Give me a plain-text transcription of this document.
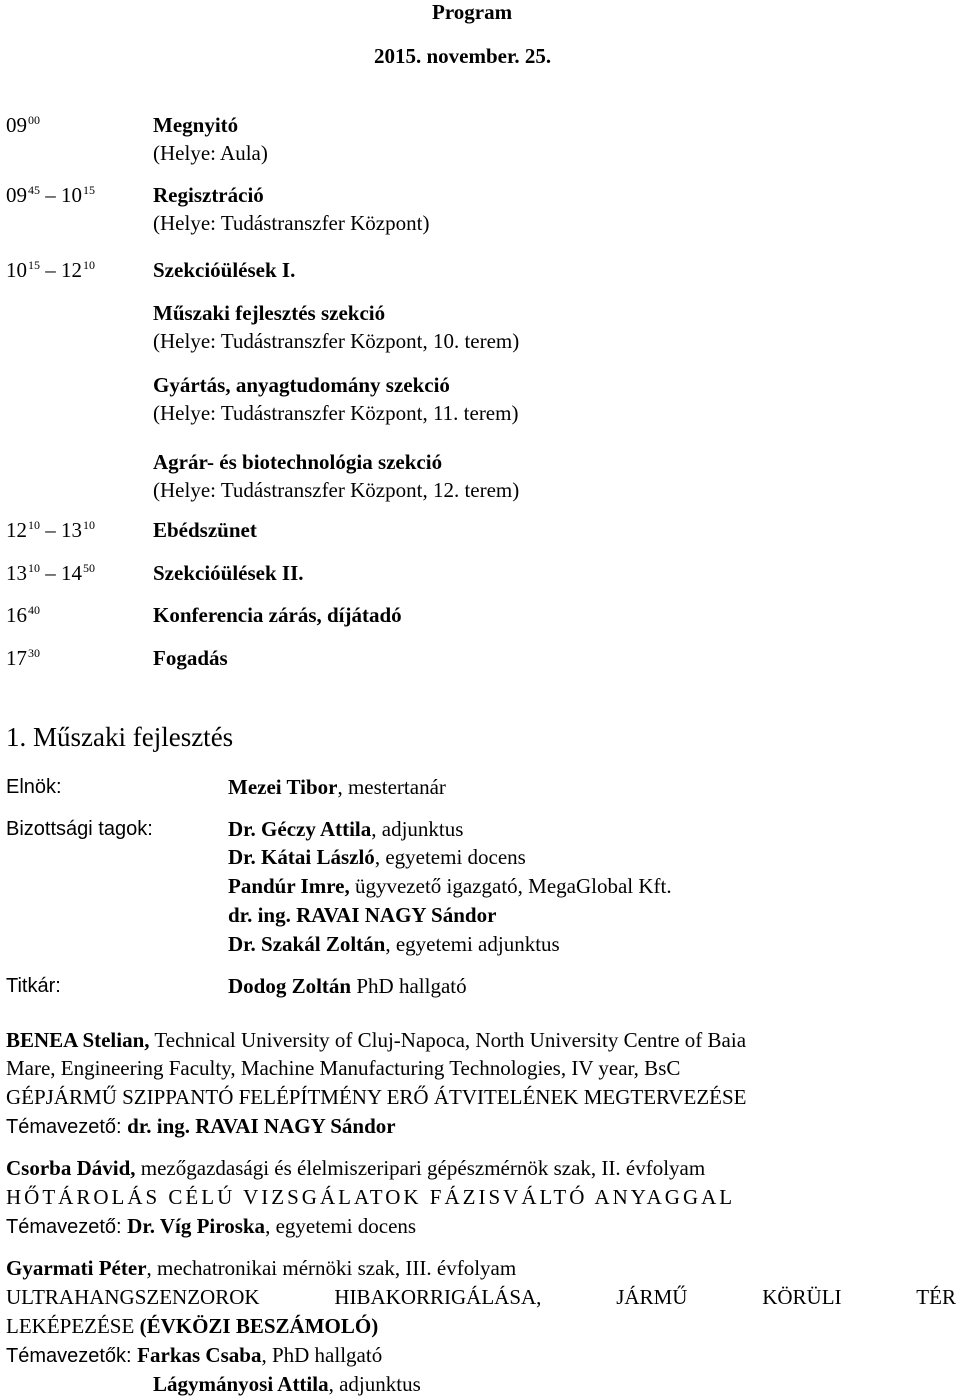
Program
2015. november. 25.
$09^{00}$	Megnyitó
(Helye: Aula)
$09^{45} - 10^{15}$	Regisztráció
(Helye: Tudástranszfer Központ)
$10^{15} - 12^{10}$	Szekcióülések I.
Műszaki fejlesztés szekció
(Helye: Tudástranszfer Központ, 10. terem)
Gyártás, anyagtudomány szekció
(Helye: Tudástranszfer Központ, 11. terem)
Agrár- és biotechnológia szekció
(Helye: Tudástranszfer Központ, 12. terem)
$12^{10} - 13^{10}$	Ebédszünet
$13^{10} - 14^{50}$	Szekcióülések II.
$16^{40}$	Konferencia zárás, díjátadó
$17^{30}$	Fogadás
1. Műszaki fejlesztés
Elnök:	Mezei Tibor, mestertanár
Bizottsági tagok:	Dr. Géczy Attila, adjunktus
Dr. Kátai László, egyetemi docens
Pandúr Imre, ügyvezető igazgató, MegaGlobal Kft.
dr. ing. RAVAI NAGY Sándor
Dr. Szakál Zoltán, egyetemi adjunktus
Titkár:	Dodog Zoltán PhD hallgató
BENEA Stelian, Technical University of Cluj-Napoca, North University Centre of Baia
Mare, Engineering Faculty, Machine Manufacturing Technologies, IV year, BsC
GÉPJÁRMŰ SZIPPANTÓ FELÉPÍTMÉNY ERŐ ÁTVITELÉNEK MEGTERVEZÉSE
Témavezető: dr. ing. RAVAI NAGY Sándor
Csorba Dávid, mezőgazdasági és élelmiszeripari gépészmérnök szak, II. évfolyam
HŐTÁROLÁS CÉLÚ VIZSGÁLATOK FÁZISVÁLTÓ ANYAGGAL
Témavezető: Dr. Víg Piroska, egyetemi docens
Gyarmati Péter, mechatronikai mérnöki szak, III. évfolyam
ULTRAHANGSZENZOROK	HIBAKORRIGÁLÁSA,	JÁRMŰ	KÖRÜLI	TÉR
LEKÉPEZÉSE (ÉVKÖZI BESZÁMOLÓ)
Témavezetők: Farkas Csaba, PhD hallgató
Lágymányosi Attila, adjunktus
